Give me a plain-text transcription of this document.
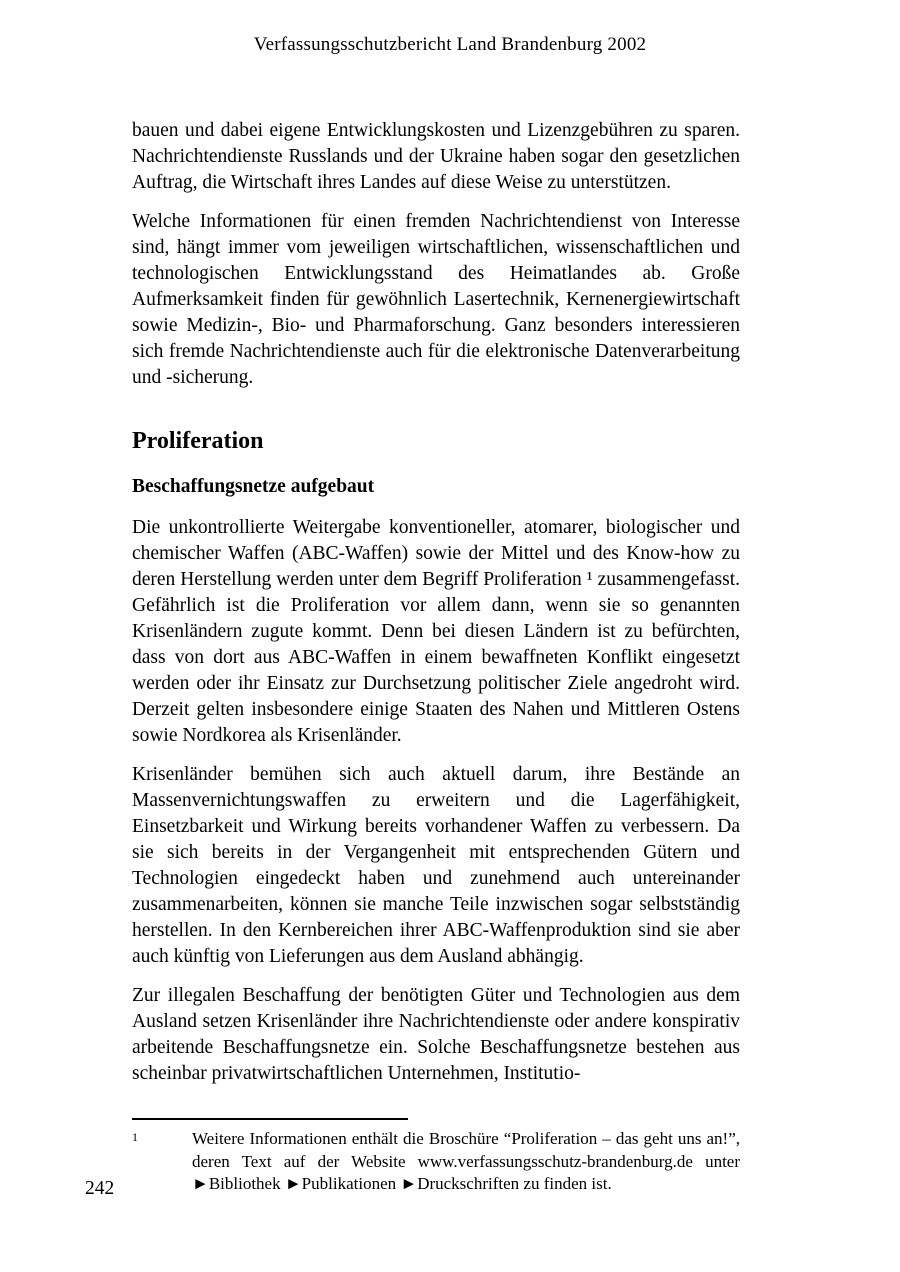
Verfassungsschutzbericht Land Brandenburg 2002

bauen und dabei eigene Entwicklungskosten und Lizenzgebühren zu sparen. Nachrichtendienste Russlands und der Ukraine haben sogar den gesetzlichen Auftrag, die Wirtschaft ihres Landes auf diese Weise zu unterstützen.

Welche Informationen für einen fremden Nachrichtendienst von Interesse sind, hängt immer vom jeweiligen wirtschaftlichen, wissenschaftlichen und technologischen Entwicklungsstand des Heimatlandes ab. Große Aufmerksamkeit finden für gewöhnlich Lasertechnik, Kernenergiewirtschaft sowie Medizin-, Bio- und Pharmaforschung. Ganz besonders interessieren sich fremde Nachrichtendienste auch für die elektronische Datenverarbeitung und -sicherung.

Proliferation
Beschaffungsnetze aufgebaut

Die unkontrollierte Weitergabe konventioneller, atomarer, biologischer und chemischer Waffen (ABC-Waffen) sowie der Mittel und des Know-how zu deren Herstellung werden unter dem Begriff Proliferation ¹ zusammengefasst. Gefährlich ist die Proliferation vor allem dann, wenn sie so genannten Krisenländern zugute kommt. Denn bei diesen Ländern ist zu befürchten, dass von dort aus ABC-Waffen in einem bewaffneten Konflikt eingesetzt werden oder ihr Einsatz zur Durchsetzung politischer Ziele angedroht wird. Derzeit gelten insbesondere einige Staaten des Nahen und Mittleren Ostens sowie Nordkorea als Krisenländer.

Krisenländer bemühen sich auch aktuell darum, ihre Bestände an Massenvernichtungswaffen zu erweitern und die Lagerfähigkeit, Einsetzbarkeit und Wirkung bereits vorhandener Waffen zu verbessern. Da sie sich bereits in der Vergangenheit mit entsprechenden Gütern und Technologien eingedeckt haben und zunehmend auch untereinander zusammenarbeiten, können sie manche Teile inzwischen sogar selbstständig herstellen. In den Kernbereichen ihrer ABC-Waffenproduktion sind sie aber auch künftig von Lieferungen aus dem Ausland abhängig.

Zur illegalen Beschaffung der benötigten Güter und Technologien aus dem Ausland setzen Krisenländer ihre Nachrichtendienste oder andere konspirativ arbeitende Beschaffungsnetze ein. Solche Beschaffungsnetze bestehen aus scheinbar privatwirtschaftlichen Unternehmen, Institutio-

1	Weitere Informationen enthält die Broschüre “Proliferation – das geht uns an!”, deren Text auf der Website www.verfassungsschutz-brandenburg.de unter ►Bibliothek ►Publikationen ►Druckschriften zu finden ist.
242
